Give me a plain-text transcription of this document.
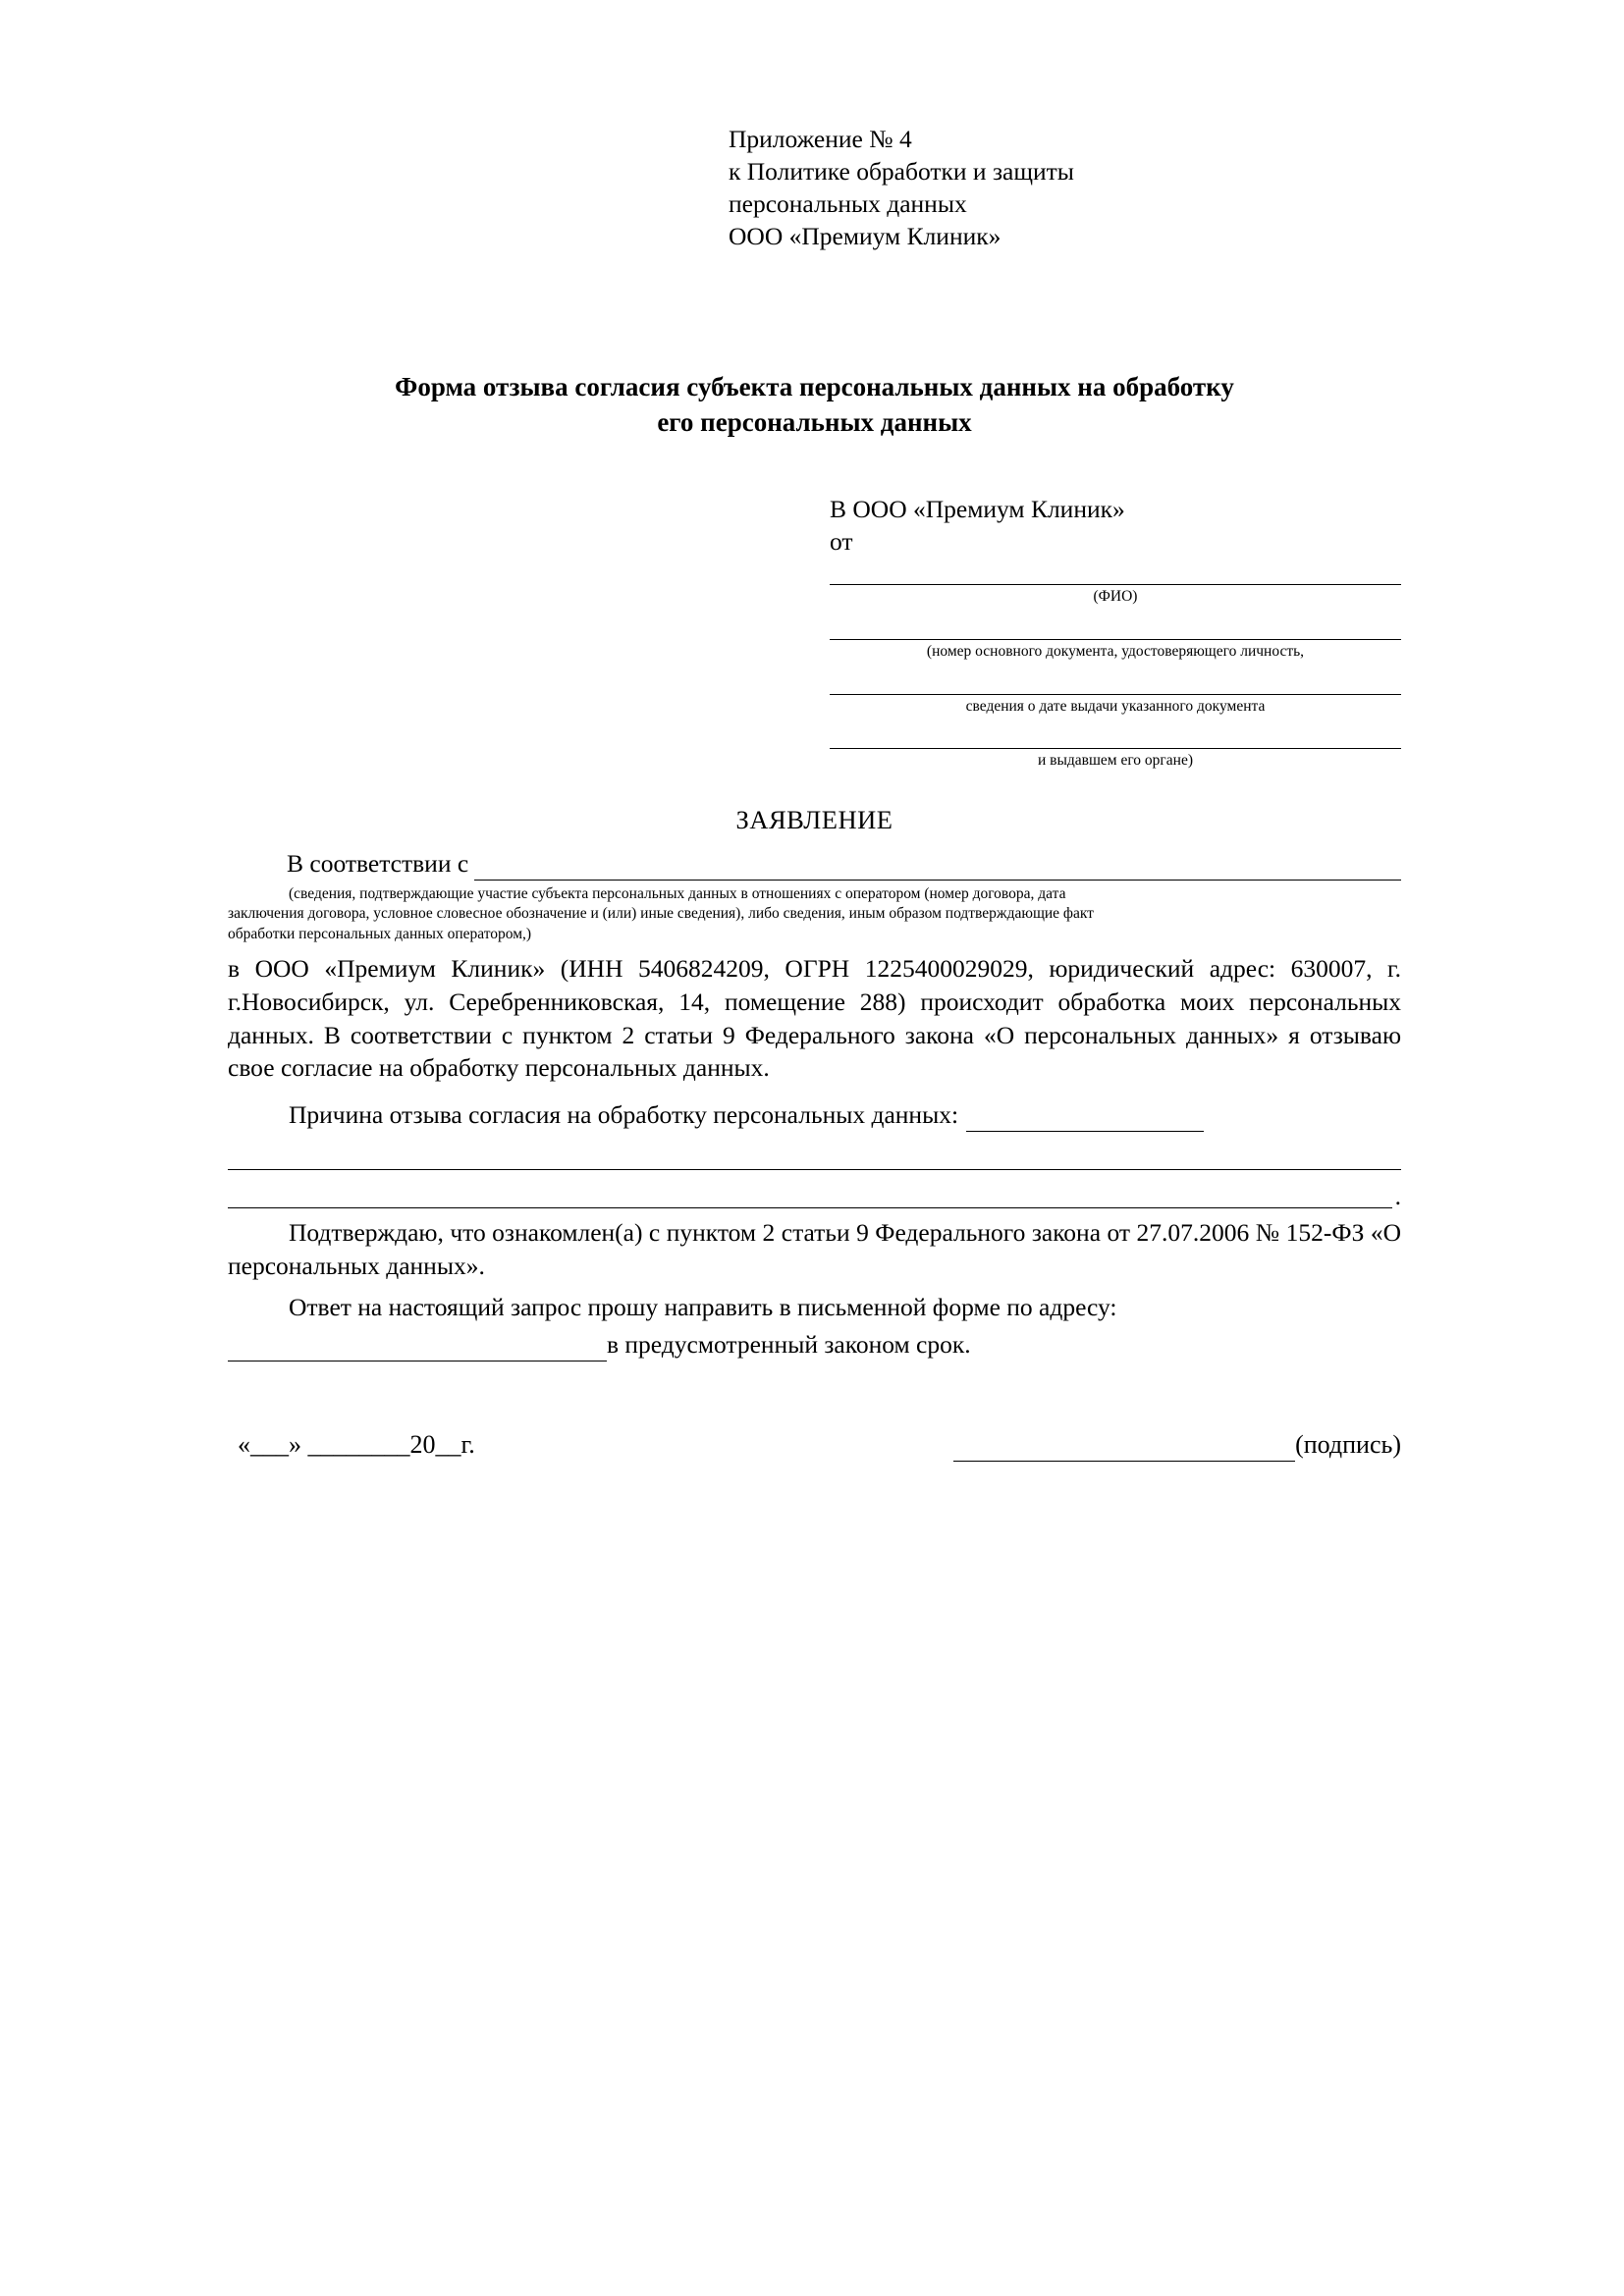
Приложение № 4
к Политике обработки и защиты
персональных данных
ООО «Премиум Клиник»
Форма отзыва согласия субъекта персональных данных на обработку
его персональных данных
В ООО «Премиум Клиник»
от
(ФИО)
(номер основного документа, удостоверяющего личность,
сведения о дате выдачи указанного документа
и выдавшем его органе)
ЗАЯВЛЕНИЕ
В соответствии с
(сведения, подтверждающие участие субъекта персональных данных в отношениях с оператором (номер договора, дата
заключения договора, условное словесное обозначение и (или) иные сведения), либо сведения, иным образом подтверждающие факт
обработки персональных данных оператором,)
в ООО «Премиум Клиник» (ИНН 5406824209, ОГРН 1225400029029, юридический адрес: 630007, г. г.Новосибирск, ул. Серебренниковская, 14, помещение 288) происходит обработка моих персональных данных. В соответствии с пунктом 2 статьи 9 Федерального закона «О персональных данных» я отзываю свое согласие на обработку персональных данных.
Причина отзыва согласия на обработку персональных данных:
.
Подтверждаю, что ознакомлен(а) с пунктом 2 статьи 9 Федерального закона от 27.07.2006 № 152-ФЗ «О персональных данных».
Ответ на настоящий запрос прошу направить в письменной форме по адресу:
в предусмотренный законом срок.
«___» ________20__г.	(подпись)
